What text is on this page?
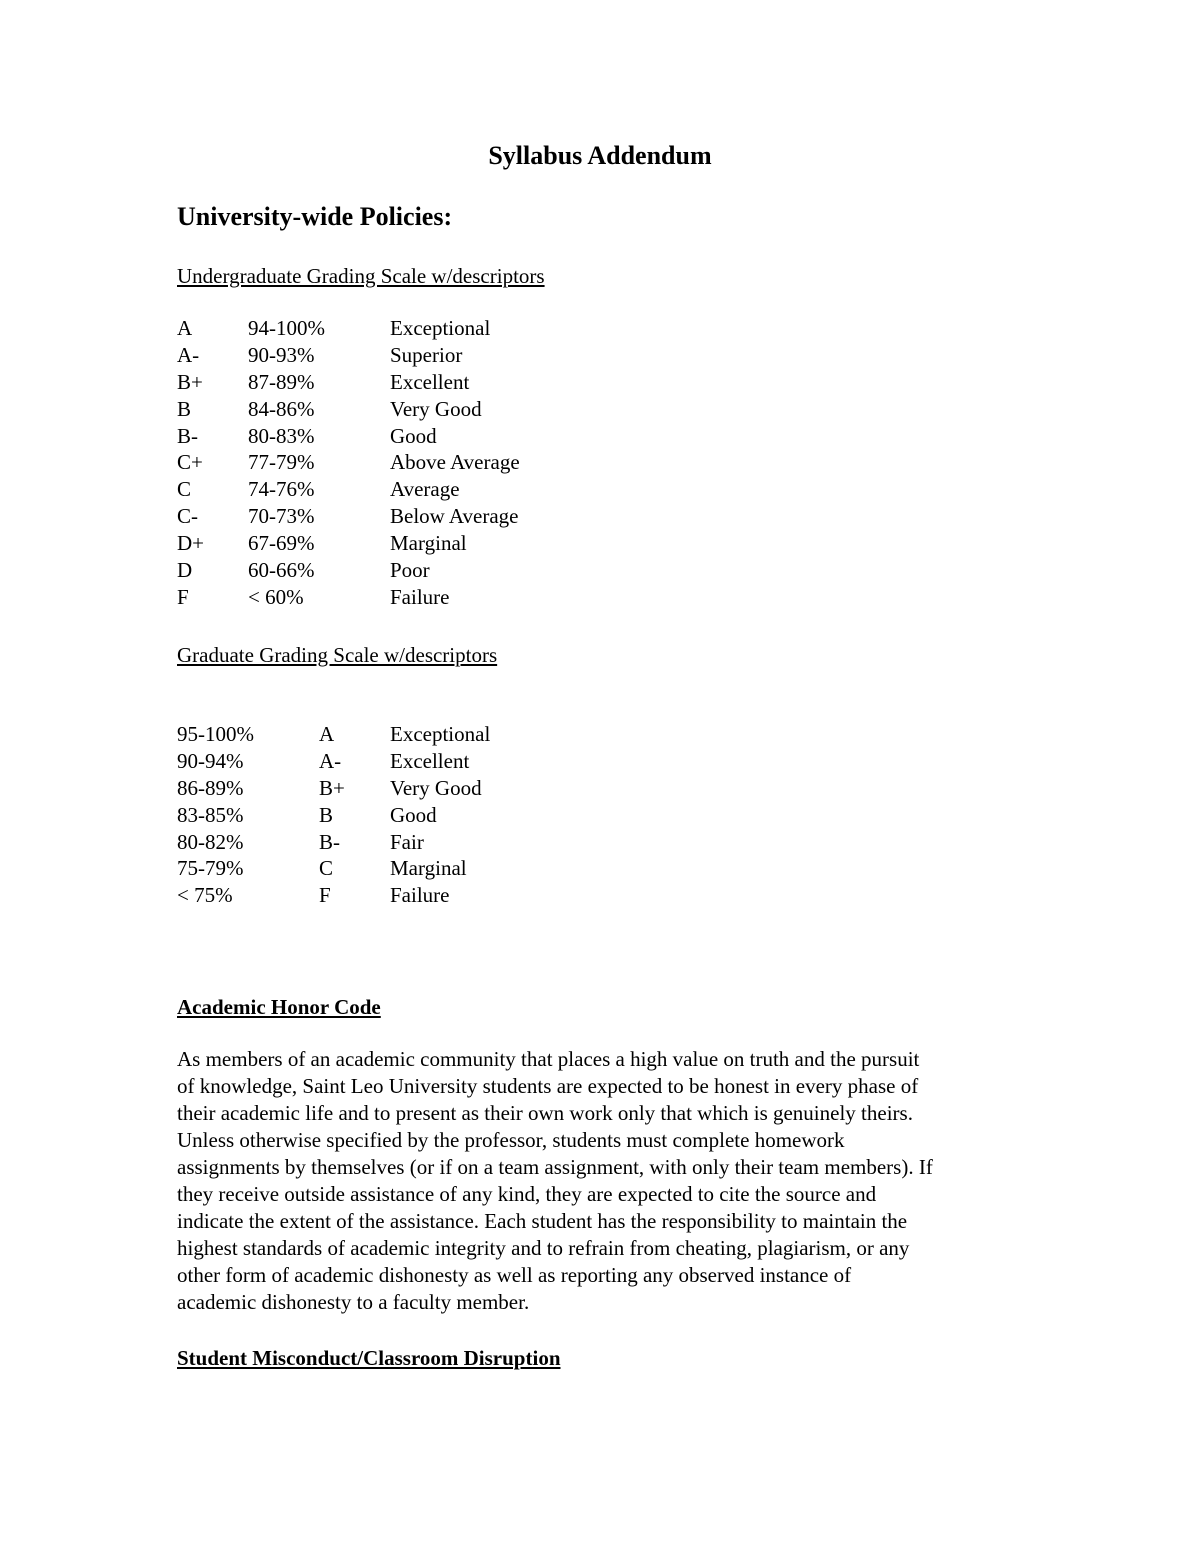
Syllabus Addendum
University-wide Policies:
Undergraduate Grading Scale w/descriptors
A	94-100%	Exceptional
A- 90-93%	Superior
B+ 87-89%	Excellent
B	84-86%	Very Good
B- 80-83%	Good
C+ 77-79%	Above Average
C	74-76%	Average
C- 70-73%	Below Average
D+ 67-69%	Marginal
D	60-66%	Poor
F	< 60%	Failure
Graduate Grading Scale w/descriptors
95-100%	A	Exceptional
90-94%	A- Excellent
86-89%	B+ Very Good
83-85%	B	Good
80-82%	B- Fair
75-79%	C	Marginal
< 75%	F	Failure
Academic Honor Code
As members of an academic community that places a high value on truth and the pursuit
of knowledge, Saint Leo University students are expected to be honest in every phase of
their academic life and to present as their own work only that which is genuinely theirs.
Unless otherwise specified by the professor, students must complete homework
assignments by themselves (or if on a team assignment, with only their team members). If
they receive outside assistance of any kind, they are expected to cite the source and
indicate the extent of the assistance. Each student has the responsibility to maintain the
highest standards of academic integrity and to refrain from cheating, plagiarism, or any
other form of academic dishonesty as well as reporting any observed instance of
academic dishonesty to a faculty member.
Student Misconduct/Classroom Disruption
